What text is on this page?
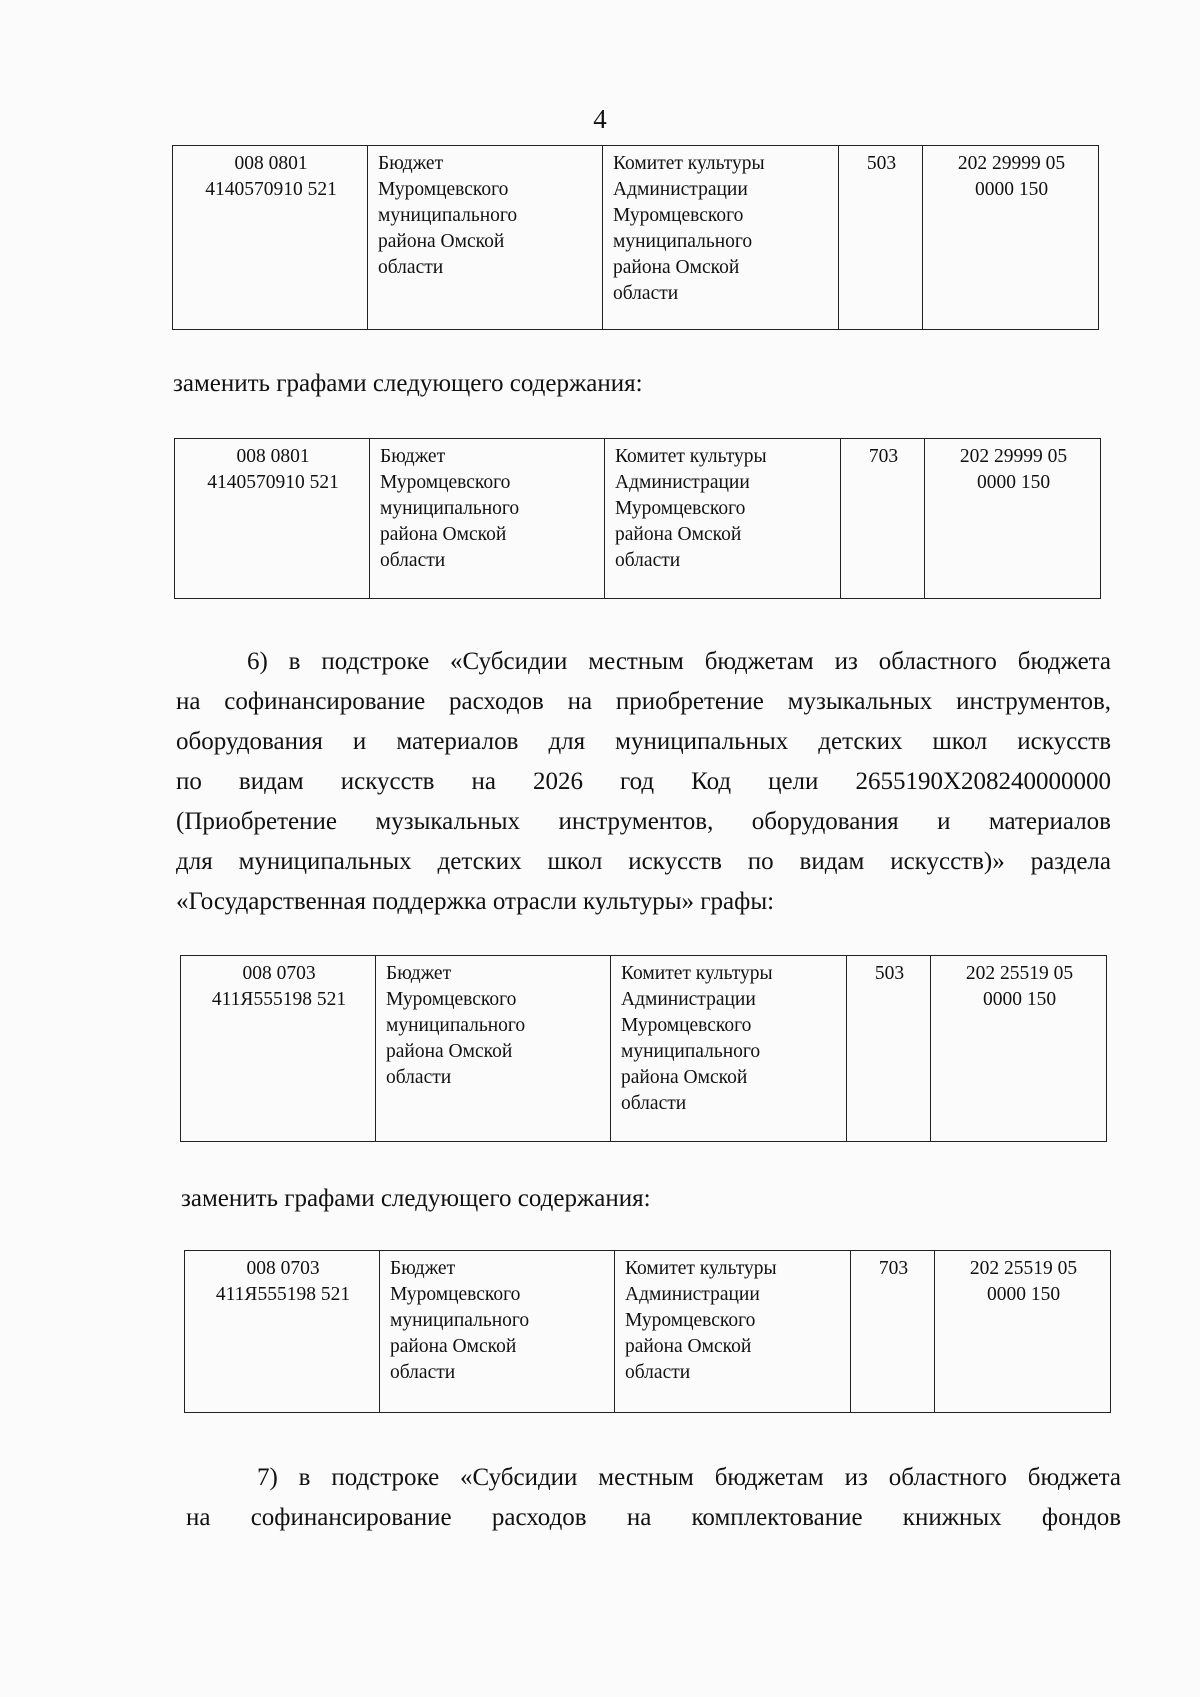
4
008 0801
4140570910 521	Бюджет
Муромцевского
муниципального
района Омской
области	Комитет культуры
Администрации
Муромцевского
муниципального
района Омской
области	503	202 29999 05
0000 150
заменить графами следующего содержания:
008 0801
4140570910 521	Бюджет
Муромцевского
муниципального
района Омской
области	Комитет культуры
Администрации
Муромцевского
района Омской
области	703	202 29999 05
0000 150
6) в подстроке «Субсидии местным бюджетам из областного бюджета
на софинансирование расходов на приобретение музыкальных инструментов,
оборудования и материалов для муниципальных детских школ искусств
по видам искусств на 2026 год Код цели 2655190Х208240000000
(Приобретение музыкальных инструментов, оборудования и материалов
для муниципальных детских школ искусств по видам искусств)» раздела
«Государственная поддержка отрасли культуры» графы:
008 0703
411Я555198 521	Бюджет
Муромцевского
муниципального
района Омской
области	Комитет культуры
Администрации
Муромцевского
муниципального
района Омской
области	503	202 25519 05
0000 150
заменить графами следующего содержания:
008 0703
411Я555198 521	Бюджет
Муромцевского
муниципального
района Омской
области	Комитет культуры
Администрации
Муромцевского
района Омской
области	703	202 25519 05
0000 150
7) в подстроке «Субсидии местным бюджетам из областного бюджета
на софинансирование расходов на комплектование книжных фондов
